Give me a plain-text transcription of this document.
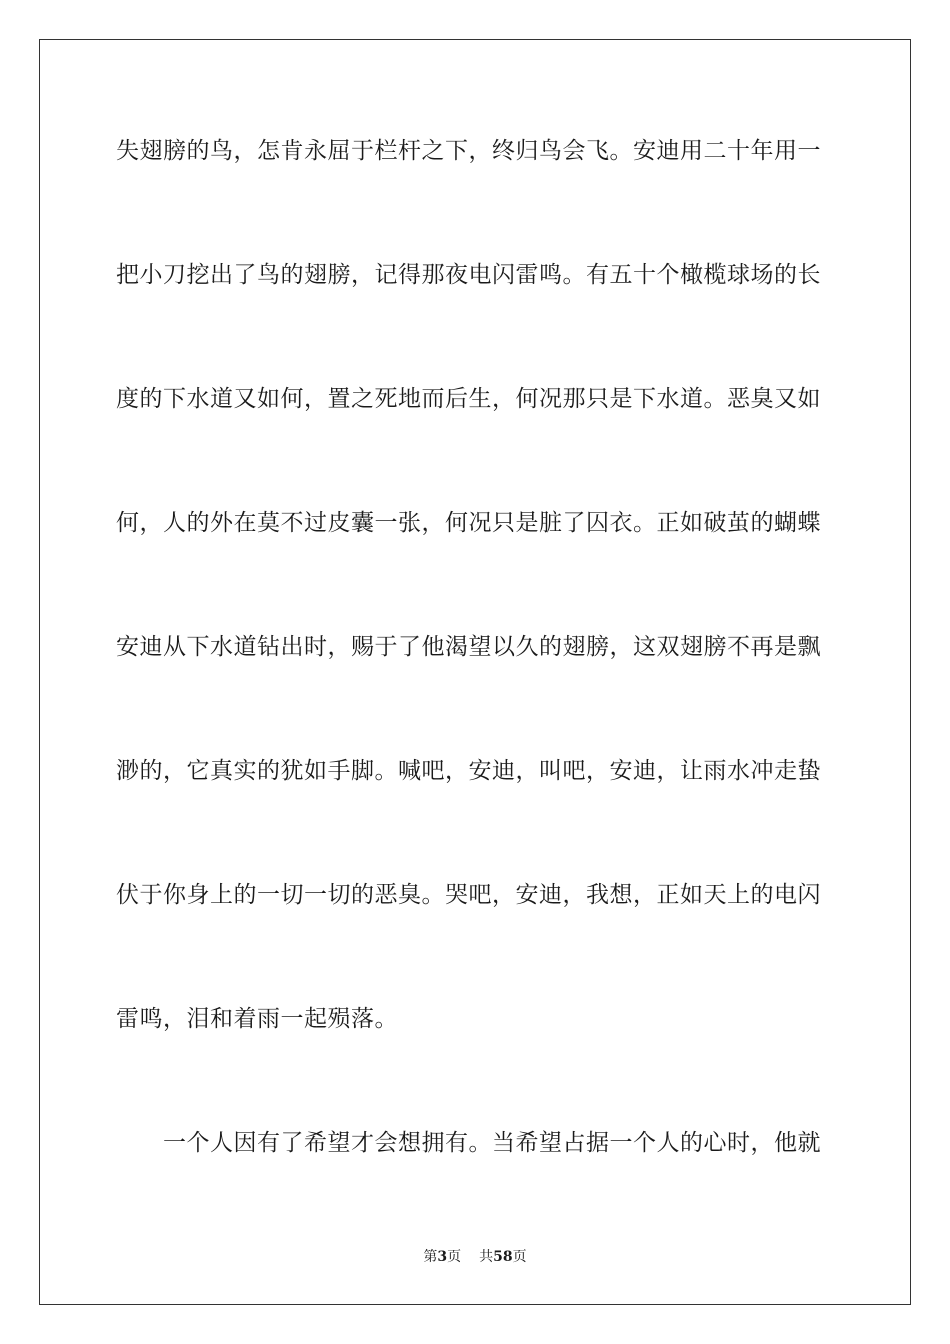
失翅膀的鸟，怎肯永屈于栏杆之下，终归鸟会飞。安迪用二十年用一
把小刀挖出了鸟的翅膀，记得那夜电闪雷鸣。有五十个橄榄球场的长
度的下水道又如何，置之死地而后生，何况那只是下水道。恶臭又如
何，人的外在莫不过皮囊一张，何况只是脏了囚衣。正如破茧的蝴蝶
安迪从下水道钻出时，赐于了他渴望以久的翅膀，这双翅膀不再是飘
渺的，它真实的犹如手脚。喊吧，安迪，叫吧，安迪，让雨水冲走蛰
伏于你身上的一切一切的恶臭。哭吧，安迪，我想，正如天上的电闪
雷鸣，泪和着雨一起殒落。
　　一个人因有了希望才会想拥有。当希望占据一个人的心时，他就
第3页 共58页
